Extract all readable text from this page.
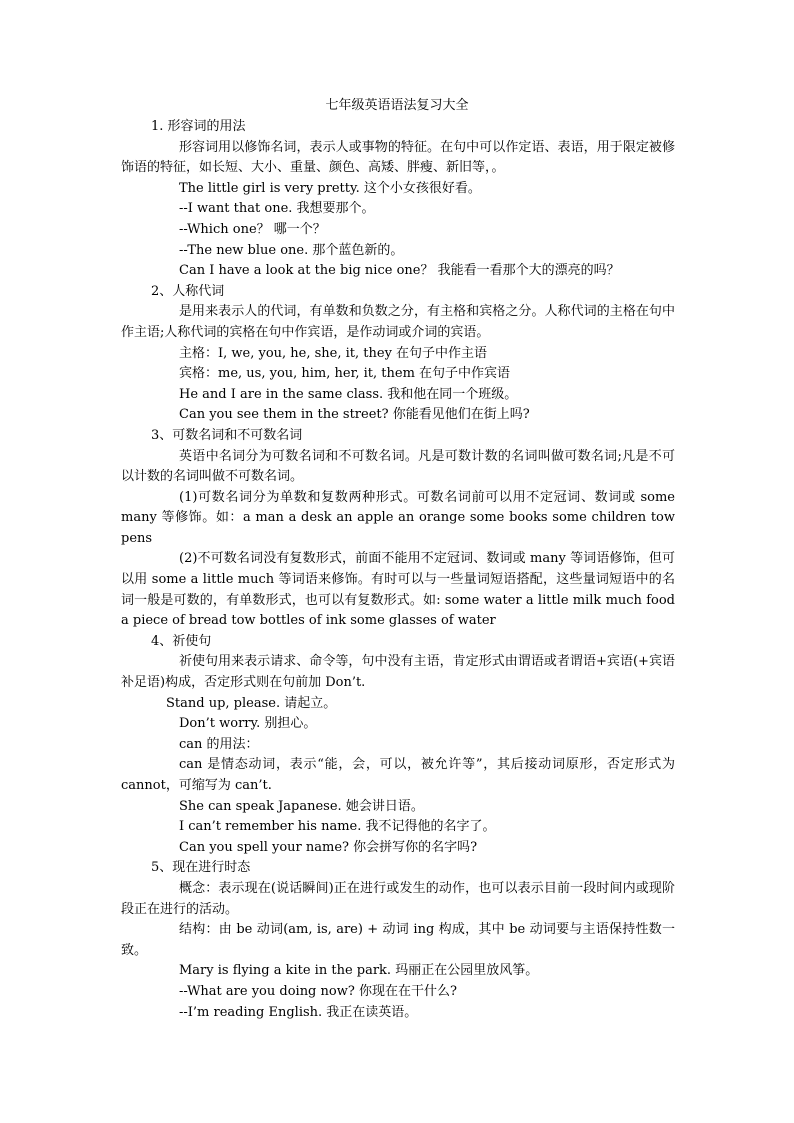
七年级英语语法复习大全

1. 形容词的用法

形容词用以修饰名词，表示人或事物的特征。在句中可以作定语、表语，用于限定被修饰语的特征，如长短、大小、重量、颜色、高矮、胖瘦、新旧等，。

The little girl is very pretty. 这个小女孩很好看。

--I want that one. 我想要那个。

--Which one？ 哪一个？

--The new blue one. 那个蓝色新的。

Can I have a look at the big nice one？ 我能看一看那个大的漂亮的吗？

2、人称代词

是用来表示人的代词，有单数和负数之分，有主格和宾格之分。人称代词的主格在句中作主语;人称代词的宾格在句中作宾语，是作动词或介词的宾语。

主格：I, we, you, he, she, it, they 在句子中作主语

宾格：me, us, you, him, her, it, them 在句子中作宾语

He and I are in the same class. 我和他在同一个班级。

Can you see them in the street? 你能看见他们在街上吗?

3、可数名词和不可数名词

英语中名词分为可数名词和不可数名词。凡是可数计数的名词叫做可数名词;凡是不可以计数的名词叫做不可数名词。

(1)可数名词分为单数和复数两种形式。可数名词前可以用不定冠词、数词或 some many 等修饰。如：a man a desk an apple an orange some books some children tow pens

(2)不可数名词没有复数形式，前面不能用不定冠词、数词或 many 等词语修饰，但可以用 some a little much 等词语来修饰。有时可以与一些量词短语搭配，这些量词短语中的名词一般是可数的，有单数形式，也可以有复数形式。如: some water a little milk much food a piece of bread tow bottles of ink some glasses of water

4、祈使句

祈使句用来表示请求、命令等，句中没有主语，肯定形式由谓语或者谓语+宾语(+宾语补足语)构成，否定形式则在句前加 Don’t.

Stand up, please. 请起立。

Don’t worry. 别担心。

can 的用法：

can 是情态动词，表示“能，会，可以，被允许等”，其后接动词原形，否定形式为 cannot，可缩写为 can’t.

She can speak Japanese. 她会讲日语。

I can’t remember his name. 我不记得他的名字了。

Can you spell your name? 你会拼写你的名字吗?

5、现在进行时态

概念：表示现在(说话瞬间)正在进行或发生的动作，也可以表示目前一段时间内或现阶段正在进行的活动。

结构：由 be 动词(am, is, are) + 动词 ing 构成，其中 be 动词要与主语保持性数一致。

Mary is flying a kite in the park. 玛丽正在公园里放风筝。

--What are you doing now? 你现在在干什么?

--I’m reading English. 我正在读英语。
